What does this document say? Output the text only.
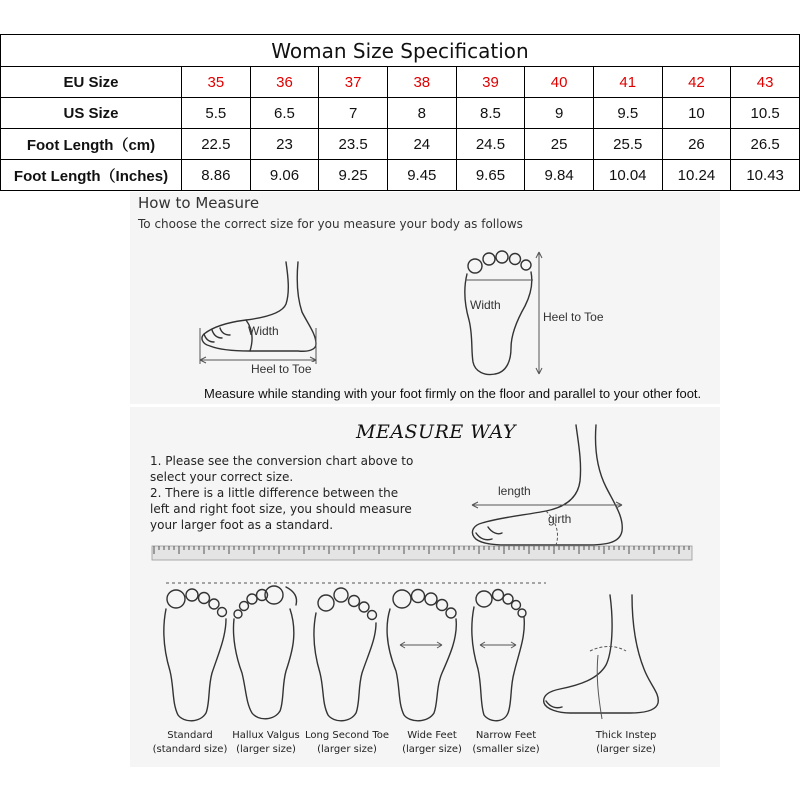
Woman Size Specification									
EU Size	35	36	37	38	39	40	41	42	43
US Size	5.5	6.5	7	8	8.5	9	9.5	10	10.5
Foot Length（cm)	22.5	23	23.5	24	24.5	25	25.5	26	26.5
Foot Length（Inches)	8.86	9.06	9.25	9.45	9.65	9.84	10.04	10.24	10.43
How to Measure
To choose the correct size for you measure your body as follows
Width
Heel to Toe
Width
Heel to Toe
Measure while standing with your foot firmly on the floor and parallel to your other foot.
MEASURE WAY
1. Please see the conversion chart above to select your correct size.
2. There is a little difference between the left and right foot size, you should measure your larger foot as a standard.
length
girth
Standard
(standard size)
Hallux Valgus
(larger size)
Long Second Toe
(larger size)
Wide Feet
(larger size)
Narrow Feet
(smaller size)
Thick Instep
(larger size)
